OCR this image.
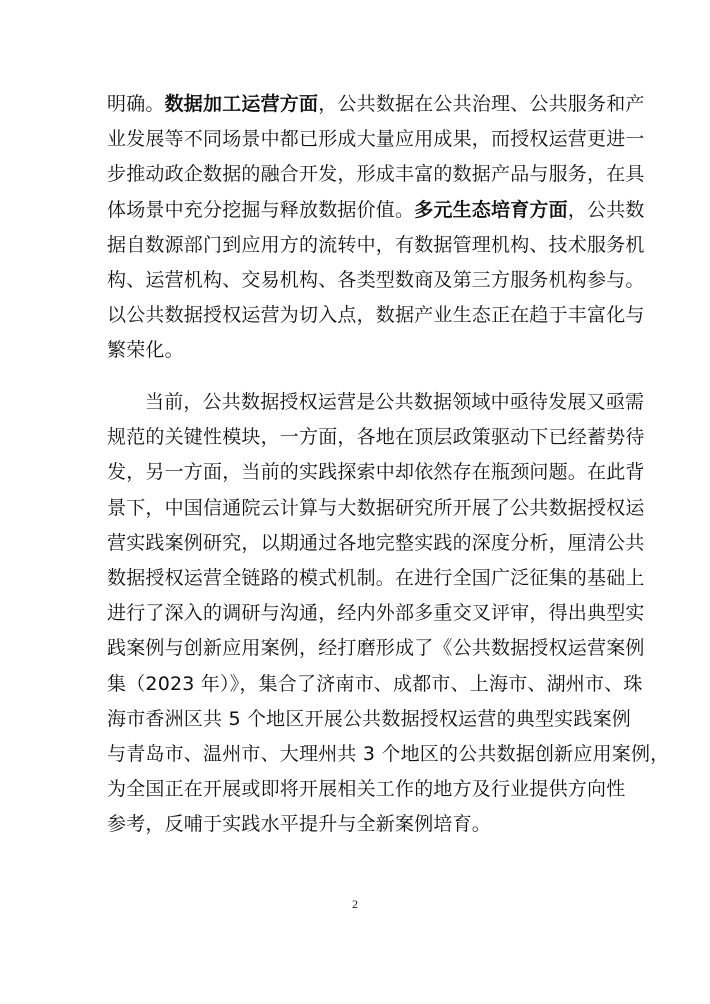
明确。数据加工运营方面，公共数据在公共治理、公共服务和产
业发展等不同场景中都已形成大量应用成果，而授权运营更进一
步推动政企数据的融合开发，形成丰富的数据产品与服务，在具
体场景中充分挖掘与释放数据价值。多元生态培育方面，公共数
据自数源部门到应用方的流转中，有数据管理机构、技术服务机
构、运营机构、交易机构、各类型数商及第三方服务机构参与。
以公共数据授权运营为切入点，数据产业生态正在趋于丰富化与
繁荣化。
当前，公共数据授权运营是公共数据领域中亟待发展又亟需
规范的关键性模块，一方面，各地在顶层政策驱动下已经蓄势待
发，另一方面，当前的实践探索中却依然存在瓶颈问题。在此背
景下，中国信通院云计算与大数据研究所开展了公共数据授权运
营实践案例研究，以期通过各地完整实践的深度分析，厘清公共
数据授权运营全链路的模式机制。在进行全国广泛征集的基础上
进行了深入的调研与沟通，经内外部多重交叉评审，得出典型实
践案例与创新应用案例，经打磨形成了《公共数据授权运营案例
集（2023 年）》，集合了济南市、成都市、上海市、湖州市、珠
海市香洲区共 5 个地区开展公共数据授权运营的典型实践案例
与青岛市、温州市、大理州共 3 个地区的公共数据创新应用案例，
为全国正在开展或即将开展相关工作的地方及行业提供方向性
参考，反哺于实践水平提升与全新案例培育。
2
